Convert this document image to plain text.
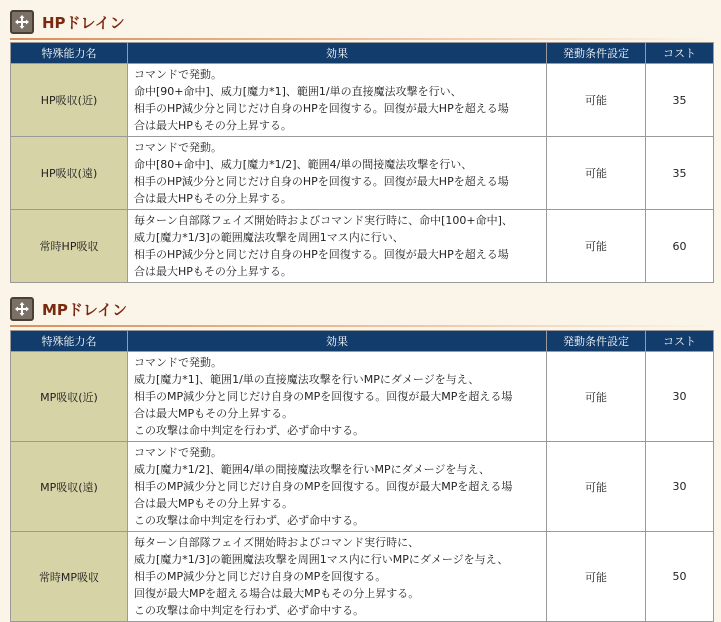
HPドレイン
特殊能力名	効果	発動条件設定	コスト
HP吸収(近)	コマンドで発動。
命中[90+命中]、威力[魔力*1]、範囲1/単の直接魔法攻撃を行い、
相手のHP減少分と同じだけ自身のHPを回復する。回復が最大HPを超える場
合は最大HPもその分上昇する。	可能	35
HP吸収(遠)	コマンドで発動。
命中[80+命中]、威力[魔力*1/2]、範囲4/単の間接魔法攻撃を行い、
相手のHP減少分と同じだけ自身のHPを回復する。回復が最大HPを超える場
合は最大HPもその分上昇する。	可能	35
常時HP吸収	毎ターン自部隊フェイズ開始時およびコマンド実行時に、命中[100+命中]、
威力[魔力*1/3]の範囲魔法攻撃を周囲1マス内に行い、
相手のHP減少分と同じだけ自身のHPを回復する。回復が最大HPを超える場
合は最大HPもその分上昇する。	可能	60
MPドレイン
特殊能力名	効果	発動条件設定	コスト
MP吸収(近)	コマンドで発動。
威力[魔力*1]、範囲1/単の直接魔法攻撃を行いMPにダメージを与え、
相手のMP減少分と同じだけ自身のMPを回復する。回復が最大MPを超える場
合は最大MPもその分上昇する。
この攻撃は命中判定を行わず、必ず命中する。	可能	30
MP吸収(遠)	コマンドで発動。
威力[魔力*1/2]、範囲4/単の間接魔法攻撃を行いMPにダメージを与え、
相手のMP減少分と同じだけ自身のMPを回復する。回復が最大MPを超える場
合は最大MPもその分上昇する。
この攻撃は命中判定を行わず、必ず命中する。	可能	30
常時MP吸収	毎ターン自部隊フェイズ開始時およびコマンド実行時に、
威力[魔力*1/3]の範囲魔法攻撃を周囲1マス内に行いMPにダメージを与え、
相手のMP減少分と同じだけ自身のMPを回復する。
回復が最大MPを超える場合は最大MPもその分上昇する。
この攻撃は命中判定を行わず、必ず命中する。	可能	50
